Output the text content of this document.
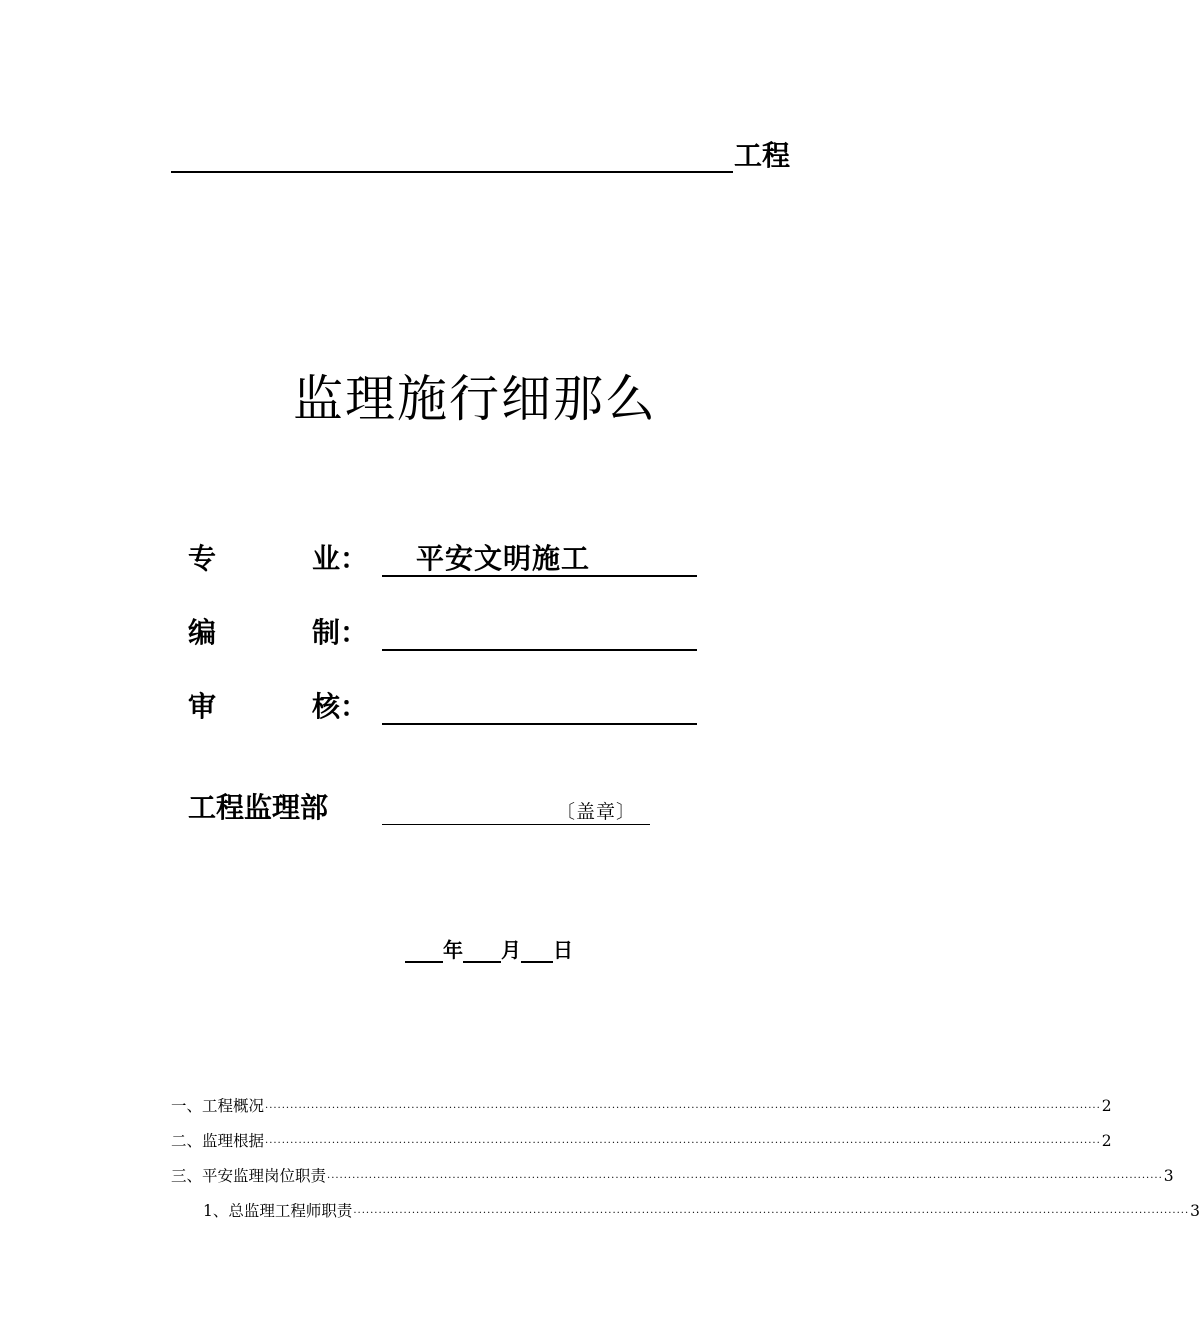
工程
监理施行细那么
专	业： 平安文明施工
编	制：
审	核：
工程监理部	〔盖章〕
年 月 日
一、工程概况 ........................................................................................................................................................................................................ 2
二、监理根据 ........................................................................................................................................................................................................ 2
三、平安监理岗位职责 ........................................................................................................................................................................................................ 3
1、总监理工程师职责 ........................................................................................................................................................................................................ 3
